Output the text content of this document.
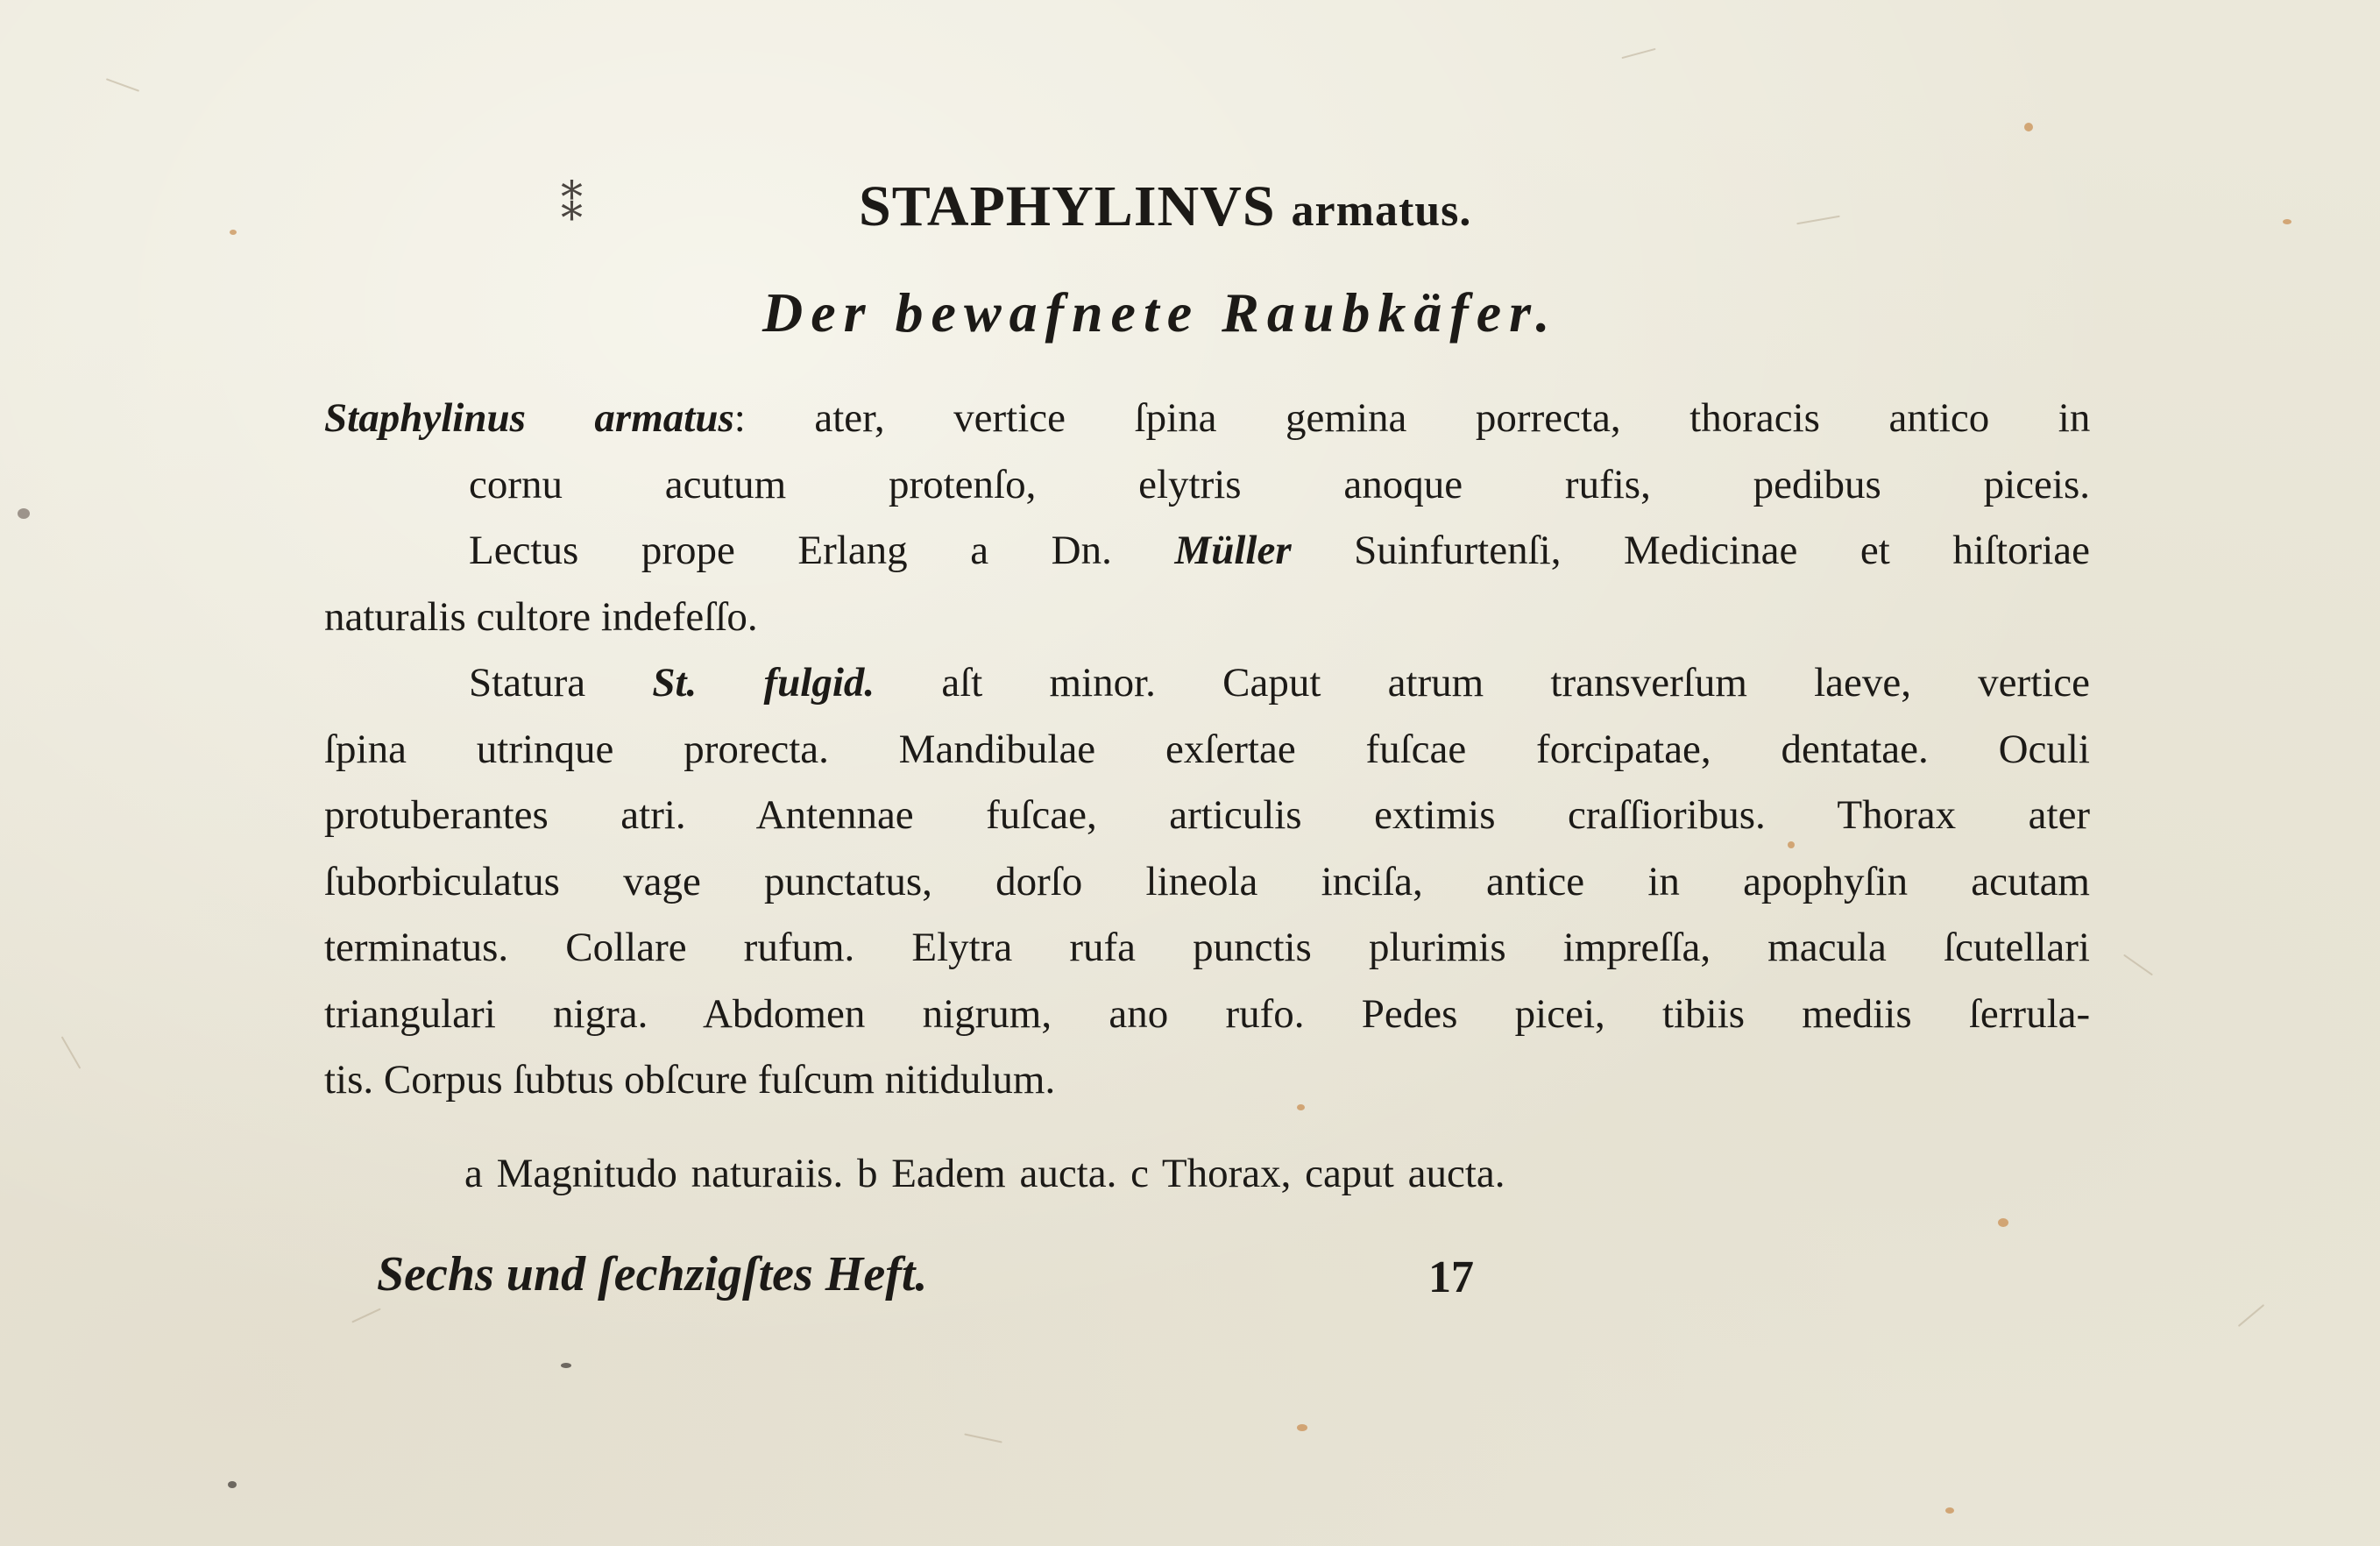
⁑	STAPHYLINVS armatus.
Der bewafnete Raubkäfer.
Staphylinus armatus: ater, vertice ſpina gemina porrecta, thoracis antico in
cornu acutum protenſo, elytris anoque rufis, pedibus piceis.
Lectus prope Erlang a Dn. Müller Suinfurtenſi, Medicinae et hiſtoriae
naturalis cultore indefeſſo.
Statura St. fulgid. aſt minor. Caput atrum transverſum laeve, vertice
ſpina utrinque prorecta. Mandibulae exſertae fuſcae forcipatae, dentatae. Oculi
protuberantes atri. Antennae fuſcae, articulis extimis craſſioribus. Thorax ater
ſuborbiculatus vage punctatus, dorſo lineola inciſa, antice in apophyſin acutam
terminatus. Collare rufum. Elytra rufa punctis plurimis impreſſa, macula ſcutellari
triangulari nigra. Abdomen nigrum, ano rufo. Pedes picei, tibiis mediis ſerrula-
tis. Corpus ſubtus obſcure fuſcum nitidulum.
a Magnitudo naturaiis. b Eadem aucta. c Thorax, caput aucta.
Sechs und ſechzigſtes Heft.	17
